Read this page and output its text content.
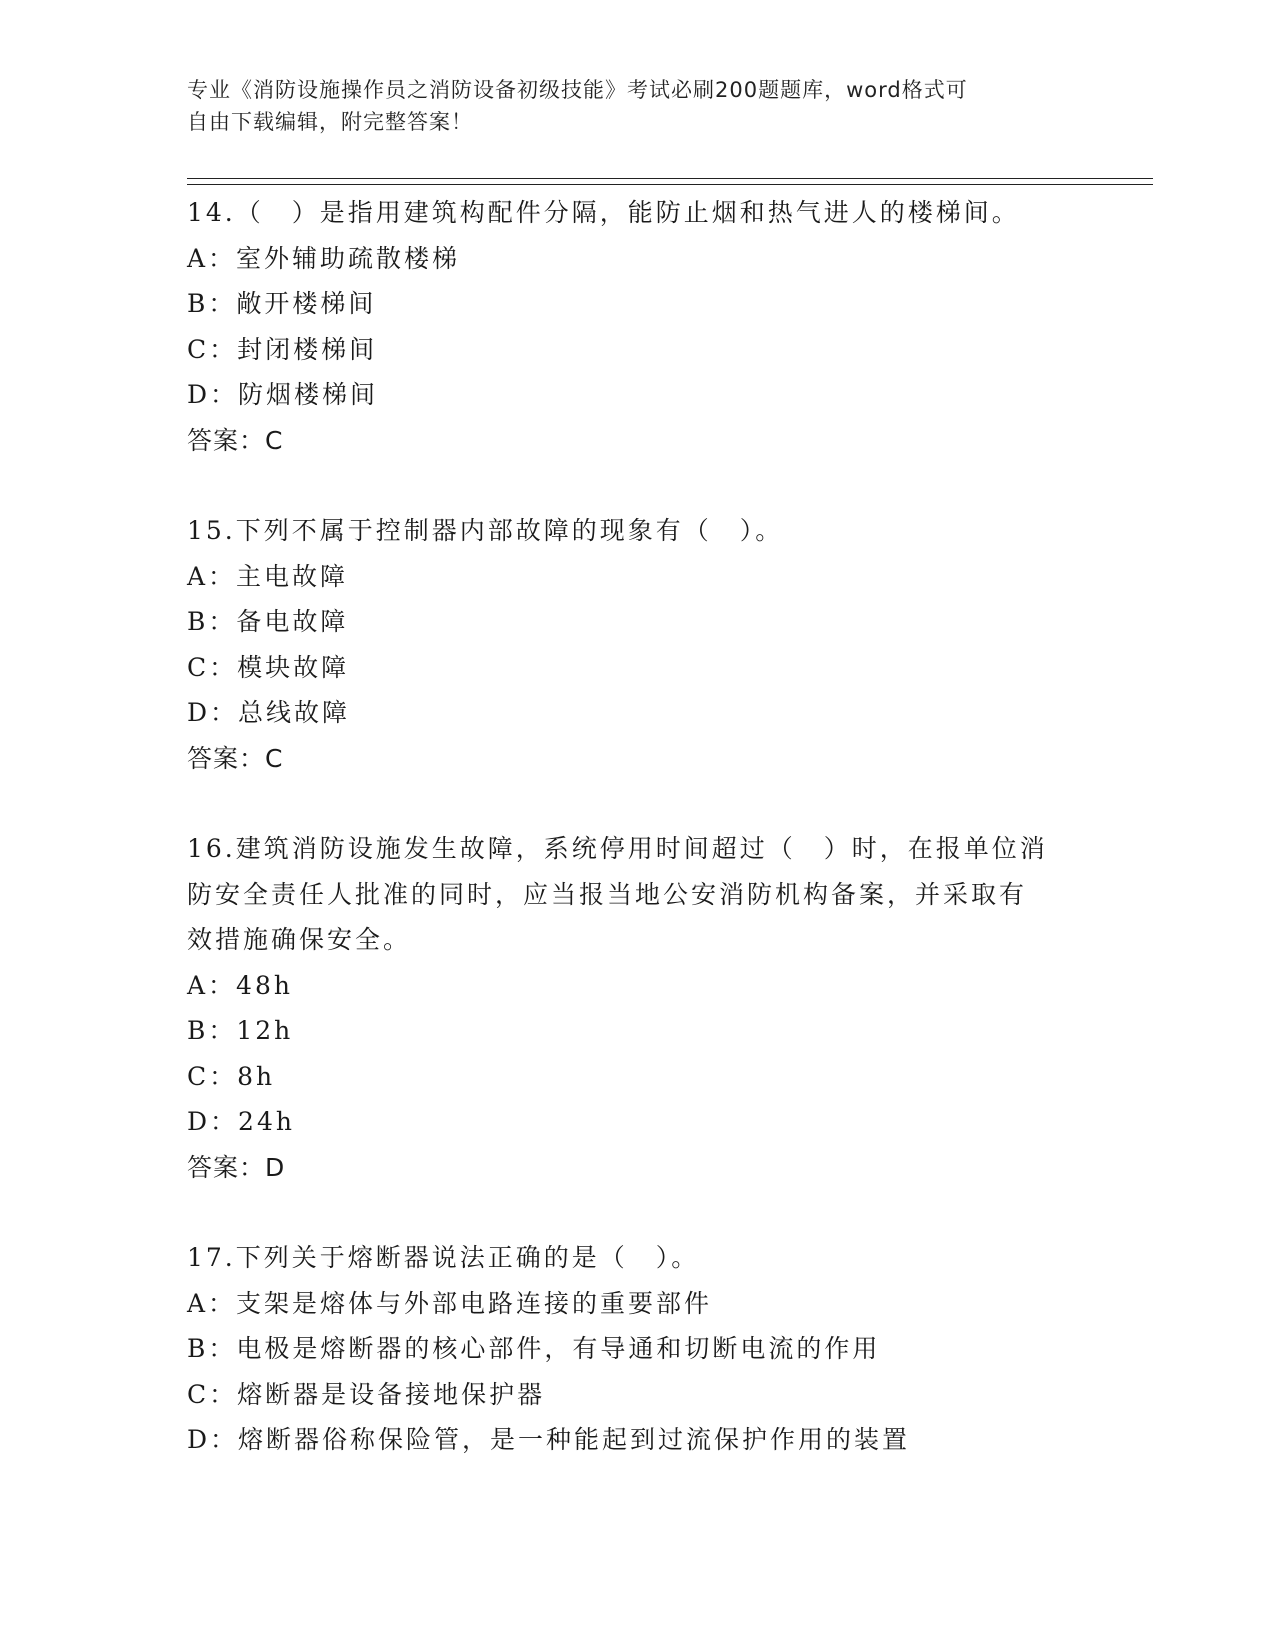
专业《消防设施操作员之消防设备初级技能》考试必刷200题题库，word格式可
自由下载编辑，附完整答案！
14.（　）是指用建筑构配件分隔，能防止烟和热气进人的楼梯间。
A：室外辅助疏散楼梯
B：敞开楼梯间
C：封闭楼梯间
D：防烟楼梯间
答案：C
15.下列不属于控制器内部故障的现象有（　）。
A：主电故障
B：备电故障
C：模块故障
D：总线故障
答案：C
16.建筑消防设施发生故障，系统停用时间超过（　）时，在报单位消
防安全责任人批准的同时，应当报当地公安消防机构备案，并采取有
效措施确保安全。
A：48h
B：12h
C：8h
D：24h
答案：D
17.下列关于熔断器说法正确的是（　）。
A：支架是熔体与外部电路连接的重要部件
B：电极是熔断器的核心部件，有导通和切断电流的作用
C：熔断器是设备接地保护器
D：熔断器俗称保险管，是一种能起到过流保护作用的装置
